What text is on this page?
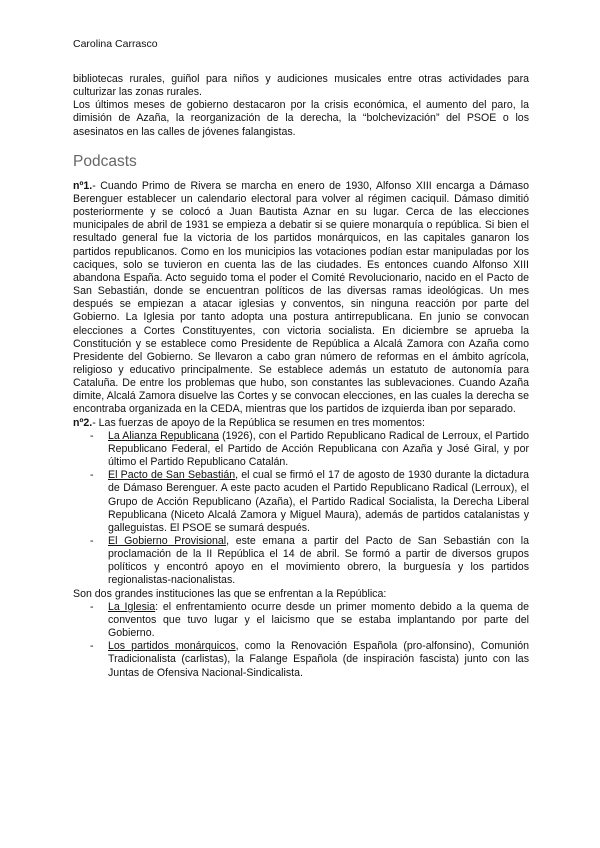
Carolina Carrasco

bibliotecas rurales, guiñol para niños y audiciones musicales entre otras actividades para culturizar las zonas rurales.

Los últimos meses de gobierno destacaron por la crisis económica, el aumento del paro, la dimisión de Azaña, la reorganización de la derecha, la “bolchevización” del PSOE o los asesinatos en las calles de jóvenes falangistas.

Podcasts

nº1.- Cuando Primo de Rivera se marcha en enero de 1930, Alfonso XIII encarga a Dámaso Berenguer establecer un calendario electoral para volver al régimen caciquil. Dámaso dimitió posteriormente y se colocó a Juan Bautista Aznar en su lugar. Cerca de las elecciones municipales de abril de 1931 se empieza a debatir si se quiere monarquía o república. Si bien el resultado general fue la victoria de los partidos monárquicos, en las capitales ganaron los partidos republicanos. Como en los municipios las votaciones podían estar manipuladas por los caciques, solo se tuvieron en cuenta las de las ciudades. Es entonces cuando Alfonso XIII abandona España. Acto seguido toma el poder el Comité Revolucionario, nacido en el Pacto de San Sebastián, donde se encuentran políticos de las diversas ramas ideológicas. Un mes después se empiezan a atacar iglesias y conventos, sin ninguna reacción por parte del Gobierno. La Iglesia por tanto adopta una postura antirrepublicana. En junio se convocan elecciones a Cortes Constituyentes, con victoria socialista. En diciembre se aprueba la Constitución y se establece como Presidente de República a Alcalá Zamora con Azaña como Presidente del Gobierno. Se llevaron a cabo gran número de reformas en el ámbito agrícola, religioso y educativo principalmente. Se establece además un estatuto de autonomía para Cataluña. De entre los problemas que hubo, son constantes las sublevaciones. Cuando Azaña dimite, Alcalá Zamora disuelve las Cortes y se convocan elecciones, en las cuales la derecha se encontraba organizada en la CEDA, mientras que los partidos de izquierda iban por separado.

nº2.- Las fuerzas de apoyo de la República se resumen en tres momentos:

- La Alianza Republicana (1926), con el Partido Republicano Radical de Lerroux, el Partido Republicano Federal, el Partido de Acción Republicana con Azaña y José Giral, y por último el Partido Republicano Catalán.
- El Pacto de San Sebastián, el cual se firmó el 17 de agosto de 1930 durante la dictadura de Dámaso Berenguer. A este pacto acuden el Partido Republicano Radical (Lerroux), el Grupo de Acción Republicano (Azaña), el Partido Radical Socialista, la Derecha Liberal Republicana (Niceto Alcalá Zamora y Miguel Maura), además de partidos catalanistas y galleguistas. El PSOE se sumará después.
- El Gobierno Provisional, este emana a partir del Pacto de San Sebastián con la proclamación de la II República el 14 de abril. Se formó a partir de diversos grupos políticos y encontró apoyo en el movimiento obrero, la burguesía y los partidos regionalistas-nacionalistas.

Son dos grandes instituciones las que se enfrentan a la República:

- La Iglesia: el enfrentamiento ocurre desde un primer momento debido a la quema de conventos que tuvo lugar y el laicismo que se estaba implantando por parte del Gobierno.
- Los partidos monárquicos, como la Renovación Española (pro-alfonsino), Comunión Tradicionalista (carlistas), la Falange Española (de inspiración fascista) junto con las Juntas de Ofensiva Nacional-Sindicalista.
